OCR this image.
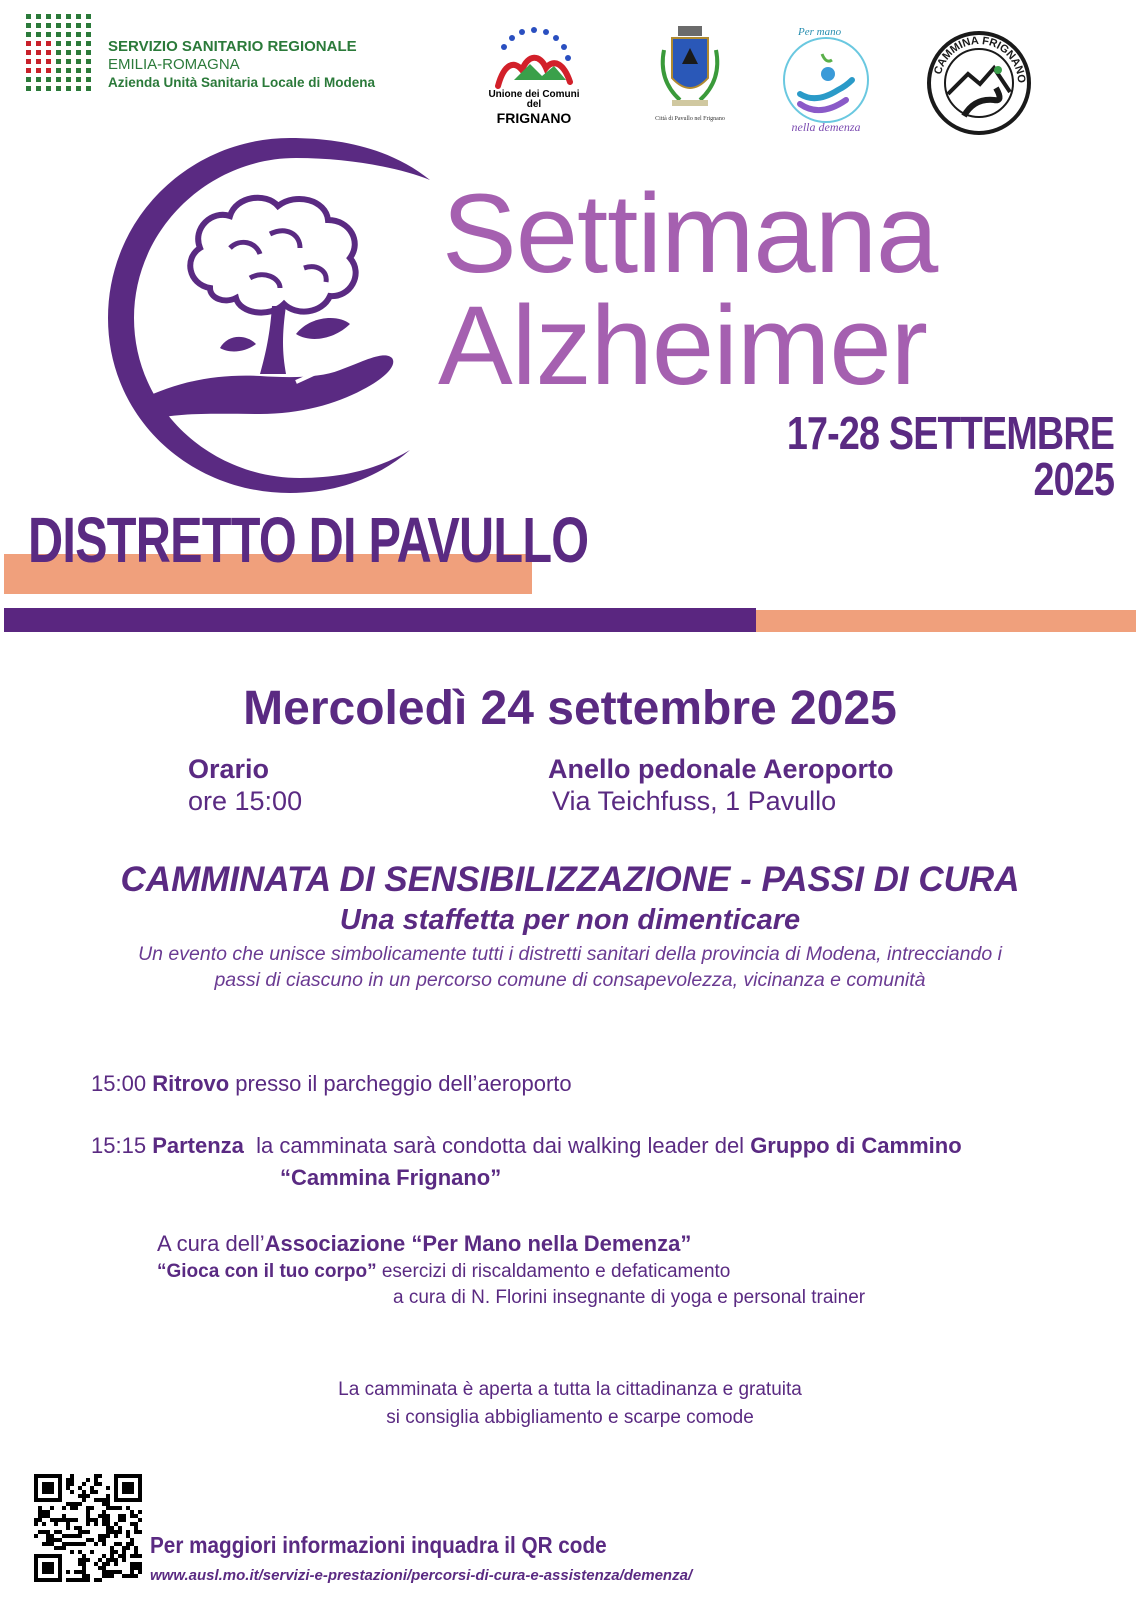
SERVIZIO SANITARIO REGIONALE
EMILIA-ROMAGNA
Azienda Unità Sanitaria Locale di Modena
Unione dei Comuni del
FRIGNANO	Città di Pavullo nel Frignano
Per mano
nella demenza
CAMMINA FRIGNANO
Settimana
Alzheimer
17-28 SETTEMBRE
2025
DISTRETTO DI PAVULLO
Mercoledì 24 settembre 2025
Orario
ore 15:00
Anello pedonale Aeroporto
Via Teichfuss, 1 Pavullo
CAMMINATA DI SENSIBILIZZAZIONE - PASSI DI CURA
Una staffetta per non dimenticare
Un evento che unisce simbolicamente tutti i distretti sanitari della provincia di Modena, intrecciando i
passi di ciascuno in un percorso comune di consapevolezza, vicinanza e comunità
15:00 Ritrovo presso il parcheggio dell’aeroporto
15:15 Partenza  la camminata sarà condotta dai walking leader del Gruppo di Cammino
“Cammina Frignano”
A cura dell’Associazione “Per Mano nella Demenza”
“Gioca con il tuo corpo” esercizi di riscaldamento e defaticamento
a cura di N. Florini insegnante di yoga e personal trainer
La camminata è aperta a tutta la cittadinanza e gratuita
si consiglia abbigliamento e scarpe comode
Per maggiori informazioni inquadra il QR code
www.ausl.mo.it/servizi-e-prestazioni/percorsi-di-cura-e-assistenza/demenza/
